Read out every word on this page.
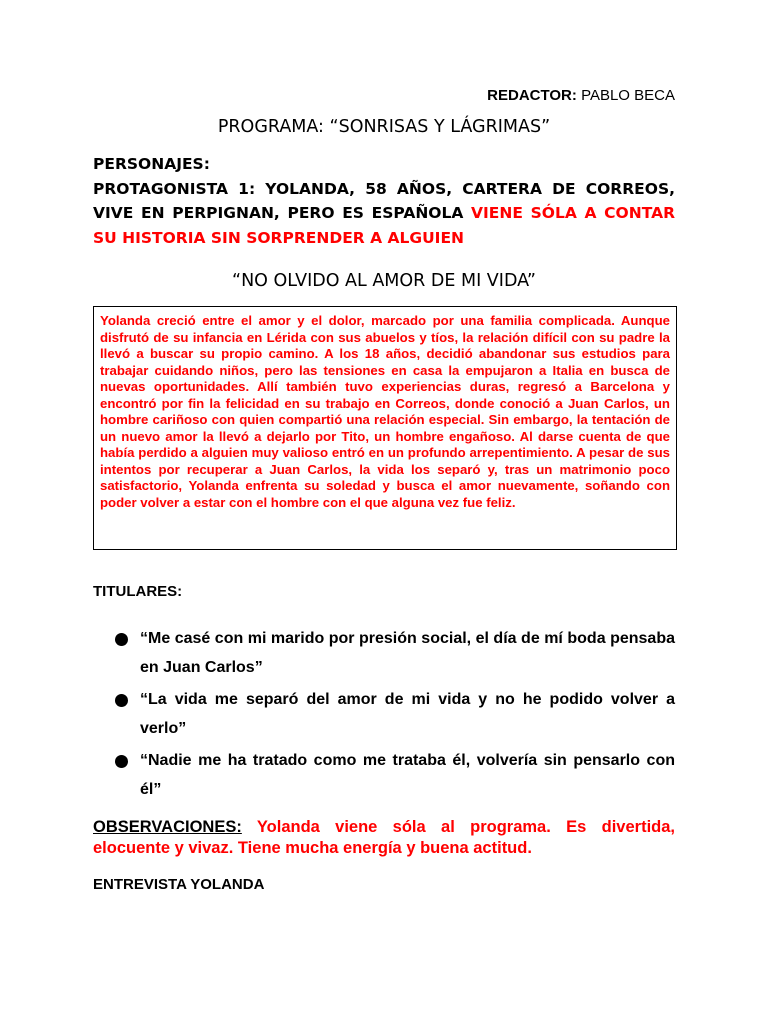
REDACTOR: PABLO BECA
PROGRAMA: “SONRISAS Y LÁGRIMAS”
PERSONAJES:
PROTAGONISTA 1: YOLANDA, 58 AÑOS, CARTERA DE CORREOS, VIVE EN PERPIGNAN, PERO ES ESPAÑOLA VIENE SÓLA A CONTAR SU HISTORIA SIN SORPRENDER A ALGUIEN
“NO OLVIDO AL AMOR DE MI VIDA”
Yolanda creció entre el amor y el dolor, marcado por una familia complicada. Aunque disfrutó de su infancia en Lérida con sus abuelos y tíos, la relación difícil con su padre la llevó a buscar su propio camino. A los 18 años, decidió abandonar sus estudios para trabajar cuidando niños, pero las tensiones en casa la empujaron a Italia en busca de nuevas oportunidades. Allí también tuvo experiencias duras, regresó a Barcelona y encontró por fin la felicidad en su trabajo en Correos, donde conoció a Juan Carlos, un hombre cariñoso con quien compartió una relación especial. Sin embargo, la tentación de un nuevo amor la llevó a dejarlo por Tito, un hombre engañoso. Al darse cuenta de que había perdido a alguien muy valioso entró en un profundo arrepentimiento. A pesar de sus intentos por recuperar a Juan Carlos, la vida los separó y, tras un matrimonio poco satisfactorio, Yolanda enfrenta su soledad y busca el amor nuevamente, soñando con poder volver a estar con el hombre con el que alguna vez fue feliz.
TITULARES:
“Me casé con mi marido por presión social, el día de mí boda pensaba en Juan Carlos”
“La vida me separó del amor de mi vida y no he podido volver a verlo”
“Nadie me ha tratado como me trataba él, volvería sin pensarlo con él”
OBSERVACIONES: Yolanda viene sóla al programa. Es divertida, elocuente y vivaz. Tiene mucha energía y buena actitud.
ENTREVISTA YOLANDA
